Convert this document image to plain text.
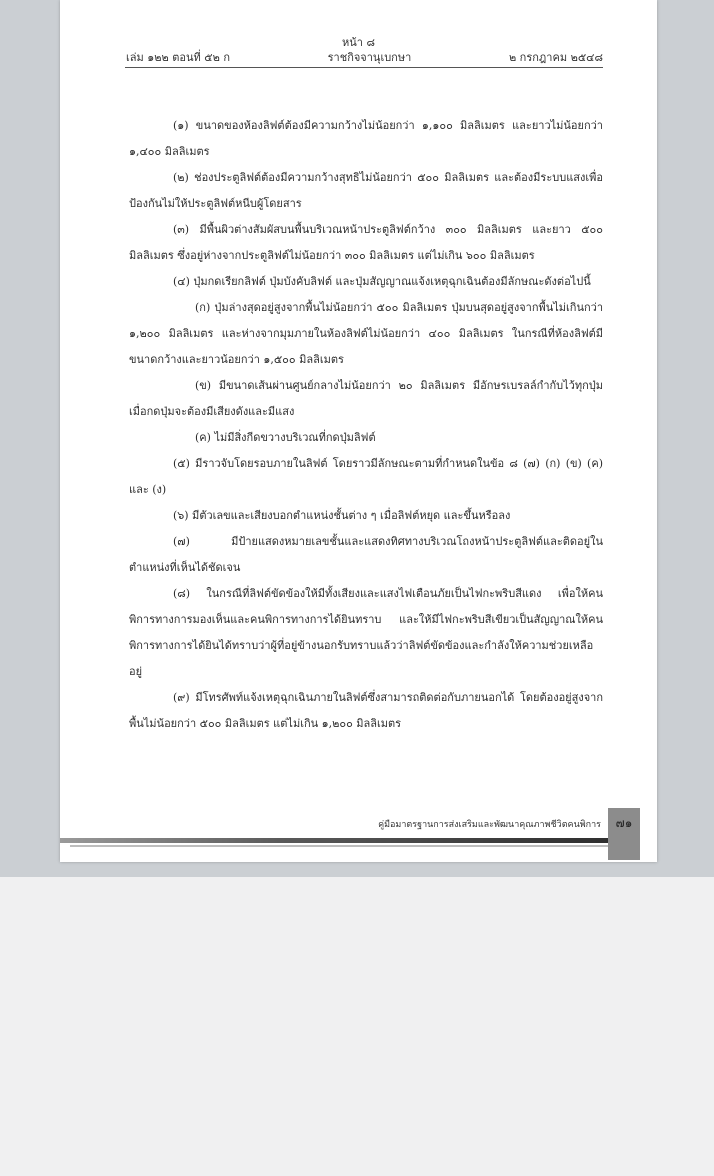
หน้า ๘
เล่ม ๑๒๒ ตอนที่ ๕๒ ก	ราชกิจจานุเบกษา	๒ กรกฎาคม ๒๕๔๘

(๑) ขนาดของห้องลิฟต์ต้องมีความกว้างไม่น้อยกว่า ๑,๑๐๐ มิลลิเมตร และยาวไม่น้อยกว่า ๑,๔๐๐ มิลลิเมตร

(๒) ช่องประตูลิฟต์ต้องมีความกว้างสุทธิไม่น้อยกว่า ๕๐๐ มิลลิเมตร และต้องมีระบบแสงเพื่อป้องกันไม่ให้ประตูลิฟต์หนีบผู้โดยสาร

(๓) มีพื้นผิวต่างสัมผัสบนพื้นบริเวณหน้าประตูลิฟต์กว้าง ๓๐๐ มิลลิเมตร และยาว ๕๐๐ มิลลิเมตร ซึ่งอยู่ห่างจากประตูลิฟต์ไม่น้อยกว่า ๓๐๐ มิลลิเมตร แต่ไม่เกิน ๖๐๐ มิลลิเมตร

(๔) ปุ่มกดเรียกลิฟต์ ปุ่มบังคับลิฟต์ และปุ่มสัญญาณแจ้งเหตุฉุกเฉินต้องมีลักษณะดังต่อไปนี้

(ก) ปุ่มล่างสุดอยู่สูงจากพื้นไม่น้อยกว่า ๕๐๐ มิลลิเมตร ปุ่มบนสุดอยู่สูงจากพื้นไม่เกินกว่า ๑,๒๐๐ มิลลิเมตร และห่างจากมุมภายในห้องลิฟต์ไม่น้อยกว่า ๔๐๐ มิลลิเมตร ในกรณีที่ห้องลิฟต์มีขนาดกว้างและยาวน้อยกว่า ๑,๕๐๐ มิลลิเมตร

(ข) มีขนาดเส้นผ่านศูนย์กลางไม่น้อยกว่า ๒๐ มิลลิเมตร มีอักษรเบรลล์กำกับไว้ทุกปุ่มเมื่อกดปุ่มจะต้องมีเสียงดังและมีแสง

(ค) ไม่มีสิ่งกีดขวางบริเวณที่กดปุ่มลิฟต์

(๕) มีราวจับโดยรอบภายในลิฟต์ โดยราวมีลักษณะตามที่กำหนดในข้อ ๘ (๗) (ก) (ข) (ค) และ (ง)

(๖) มีตัวเลขและเสียงบอกตำแหน่งชั้นต่าง ๆ เมื่อลิฟต์หยุด และขึ้นหรือลง

(๗) มีป้ายแสดงหมายเลขชั้นและแสดงทิศทางบริเวณโถงหน้าประตูลิฟต์และติดอยู่ในตำแหน่งที่เห็นได้ชัดเจน

(๘) ในกรณีที่ลิฟต์ขัดข้องให้มีทั้งเสียงและแสงไฟเตือนภัยเป็นไฟกะพริบสีแดง เพื่อให้คนพิการทางการมองเห็นและคนพิการทางการได้ยินทราบ และให้มีไฟกะพริบสีเขียวเป็นสัญญาณให้คนพิการทางการได้ยินได้ทราบว่าผู้ที่อยู่ข้างนอกรับทราบแล้วว่าลิฟต์ขัดข้องและกำลังให้ความช่วยเหลืออยู่

(๙) มีโทรศัพท์แจ้งเหตุฉุกเฉินภายในลิฟต์ซึ่งสามารถติดต่อกับภายนอกได้ โดยต้องอยู่สูงจากพื้นไม่น้อยกว่า ๕๐๐ มิลลิเมตร แต่ไม่เกิน ๑,๒๐๐ มิลลิเมตร

คู่มือมาตรฐานการส่งเสริมและพัฒนาคุณภาพชีวิตคนพิการ	๗๑
